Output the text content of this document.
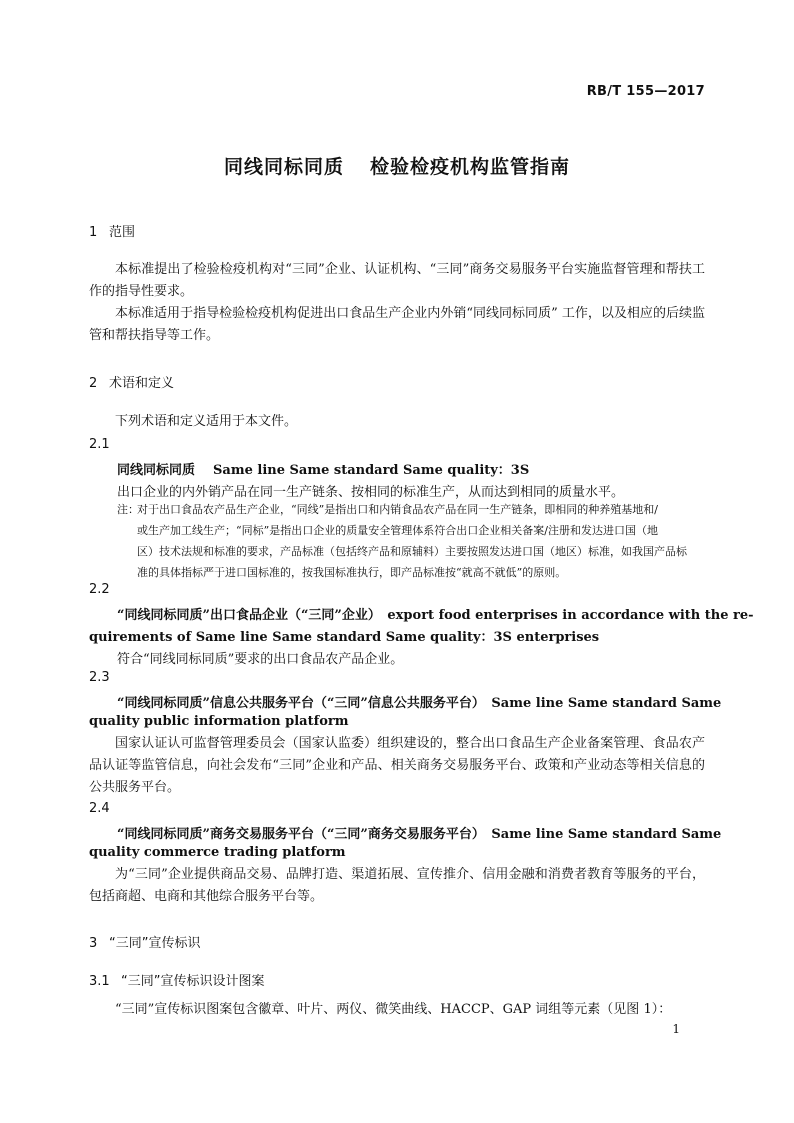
RB/T 155—2017
同线同标同质 检验检疫机构监管指南
1 范围
本标准提出了检验检疫机构对“三同”企业、认证机构、“三同”商务交易服务平台实施监督管理和帮扶工作的指导性要求。
本标准适用于指导检验检疫机构促进出口食品生产企业内外销“同线同标同质” 工作，以及相应的后续监管和帮扶指导等工作。
2 术语和定义
下列术语和定义适用于本文件。
2.1
同线同标同质 Same line Same standard Same quality：3S
出口企业的内外销产品在同一生产链条、按相同的标准生产，从而达到相同的质量水平。
注：对于出口食品农产品生产企业，“同线”是指出口和内销食品农产品在同一生产链条，即相同的种养殖基地和/
或生产加工线生产；“同标”是指出口企业的质量安全管理体系符合出口企业相关备案/注册和发达进口国（地
区）技术法规和标准的要求，产品标准（包括终产品和原辅料）主要按照发达进口国（地区）标准，如我国产品标
准的具体指标严于进口国标准的，按我国标准执行，即产品标准按“就高不就低”的原则。
2.2
“同线同标同质”出口食品企业（“三同”企业）　export food enterprises in accordance with the re-
quirements of Same line Same standard Same quality：3S enterprises
符合“同线同标同质”要求的出口食品农产品企业。
2.3
“同线同标同质”信息公共服务平台（“三同”信息公共服务平台）　Same line Same standard Same
quality public information platform
国家认证认可监督管理委员会（国家认监委）组织建设的，整合出口食品生产企业备案管理、食品农产品认证等监管信息，向社会发布“三同”企业和产品、相关商务交易服务平台、政策和产业动态等相关信息的公共服务平台。
2.4
“同线同标同质”商务交易服务平台（“三同”商务交易服务平台）　Same line Same standard Same
quality commerce trading platform
为“三同”企业提供商品交易、品牌打造、渠道拓展、宣传推介、信用金融和消费者教育等服务的平台，包括商超、电商和其他综合服务平台等。
3 “三同”宣传标识
3.1 “三同”宣传标识设计图案
“三同”宣传标识图案包含徽章、叶片、两仪、微笑曲线、HACCP、GAP 词组等元素（见图 1）：
1
